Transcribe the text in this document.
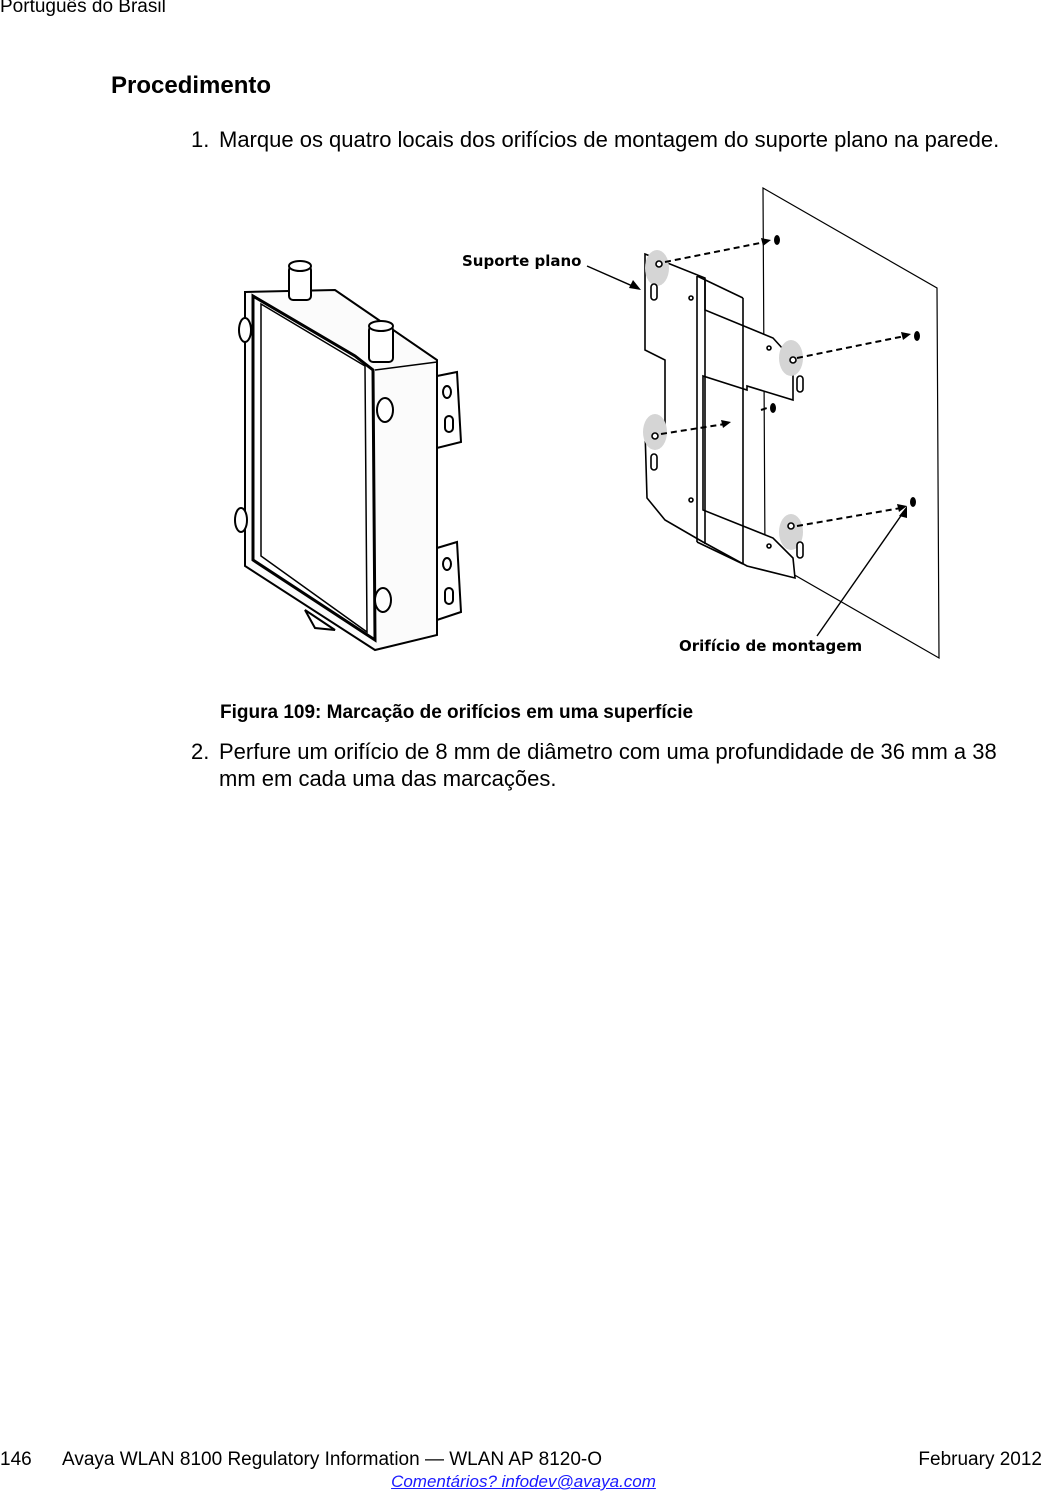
Português do Brasil
Procedimento
1. Marque os quatro locais dos orifícios de montagem do suporte plano na parede.
Suporte plano
Orifício de montagem
Figura 109: Marcação de orifícios em uma superfície
2. Perfure um orifício de 8 mm de diâmetro com uma profundidade de 36 mm a 38 mm em cada uma das marcações.
146 Avaya WLAN 8100 Regulatory Information — WLAN AP 8120-O	February 2012
Comentários? infodev@avaya.com
